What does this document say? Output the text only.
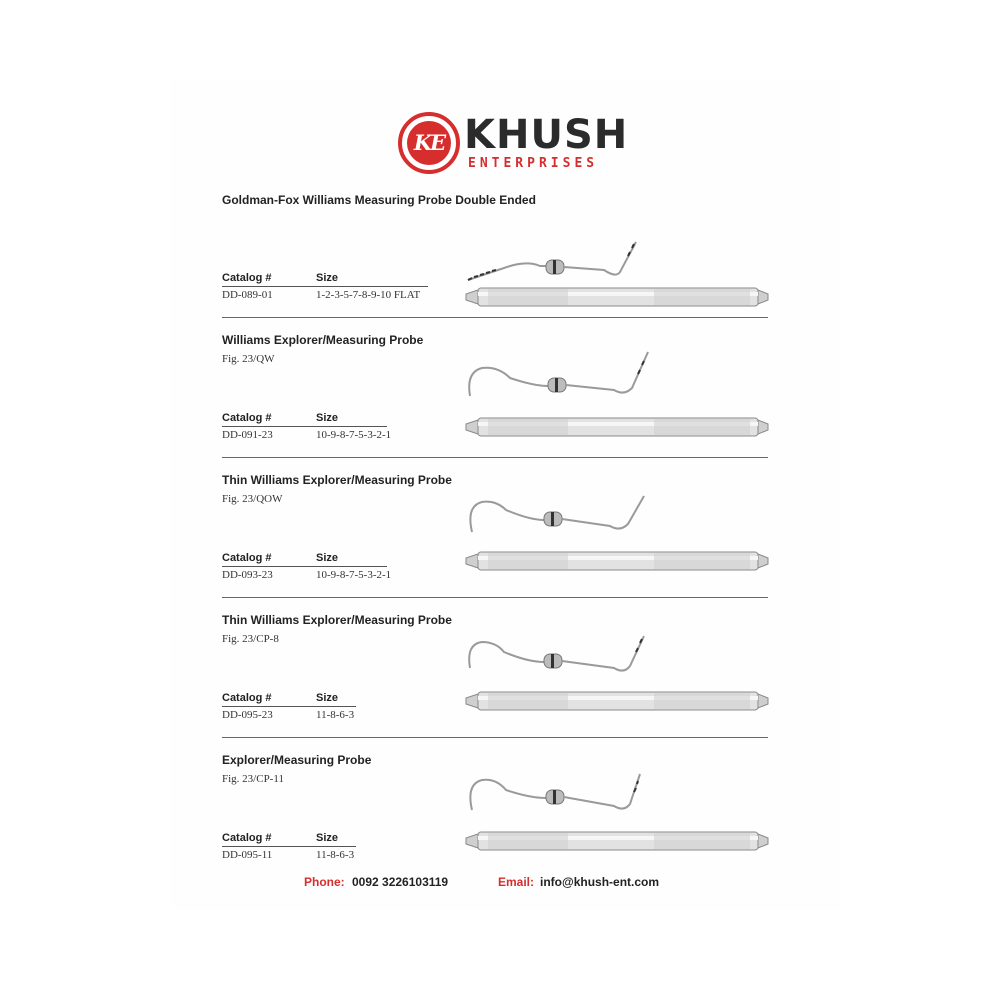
KE KHUSH
ENTERPRISES
Goldman-Fox Williams Measuring Probe Double Ended
Catalog #	Size
DD-089-01	1-2-3-5-7-8-9-10 FLAT
Williams Explorer/Measuring Probe
Fig. 23/QW
Catalog #	Size
DD-091-23	10-9-8-7-5-3-2-1
Thin Williams Explorer/Measuring Probe
Fig. 23/QOW
Catalog #	Size
DD-093-23	10-9-8-7-5-3-2-1
Thin Williams Explorer/Measuring Probe
Fig. 23/CP-8
Catalog #	Size
DD-095-23	11-8-6-3
Explorer/Measuring Probe
Fig. 23/CP-11
Catalog #	Size
DD-095-11	11-8-6-3
Phone: 0092 3226103119	Email: info@khush-ent.com
